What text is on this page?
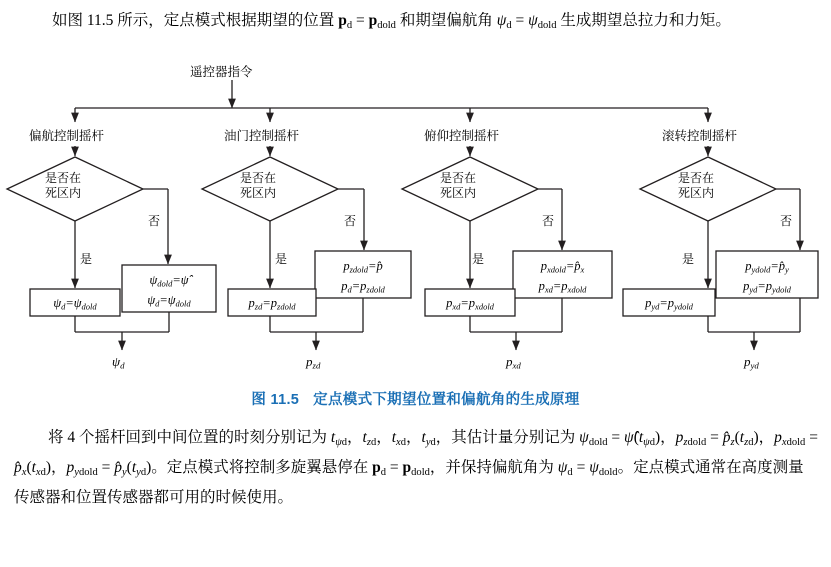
如图 11.5 所示，定点模式根据期望的位置 $p_d = p_{dold}$ 和期望偏航角 $\psi_d = \psi_{dold}$ 生成期望总拉力和力矩。
遥控器指令
偏航控制摇杆	油门控制摇杆	俯仰控制摇杆	滚转控制摇杆
是否在
死区内
是否在
死区内
是否在
死区内
是否在
死区内
是
否
是
否
是
否
是
否
$\psi_d=\psi_{dold}$	$p_{zd}=p_{zdold}$	$p_{xd}=p_{xdold}$	$p_{yd}=p_{ydold}$
$\psi_{dold}=\psî$
$\psi_d=\psi_{dold}$
$p_{zdold}=p̂$
$p_d=p_{zdold}$
$p_{xdold}=p̂_x$
$p_{xd}=p_{xdold}$
$p_{ydold}=p̂_y$
$p_{yd}=p_{ydold}$
$\psi_d$	$p_{zd}$	$p_{xd}$	$p_{yd}$
图 11.5 定点模式下期望位置和偏航角的生成原理
将 4 个摇杆回到中间位置的时刻分别记为 $t_{\psi d}$，$t_{zd}$，$t_{xd}$，$t_{yd}$，其估计量分别记为 $\psi_{dold}$ = $\psî(t_{\psi d})$，$p_{zdold}$ = $p̂_z(t_{zd})$，$p_{xdold}$ = $p̂_x(t_{xd})$，$p_{ydold}$ = $p̂_y(t_{yd})$。定点模式将控制多旋翼悬停在 $p_d = p_{dold}$，并保持偏航角为 $\psi_d = \psi_{dold}$。定点模式通常在高度测量传感器和位置传感器都可用的时候使用。
